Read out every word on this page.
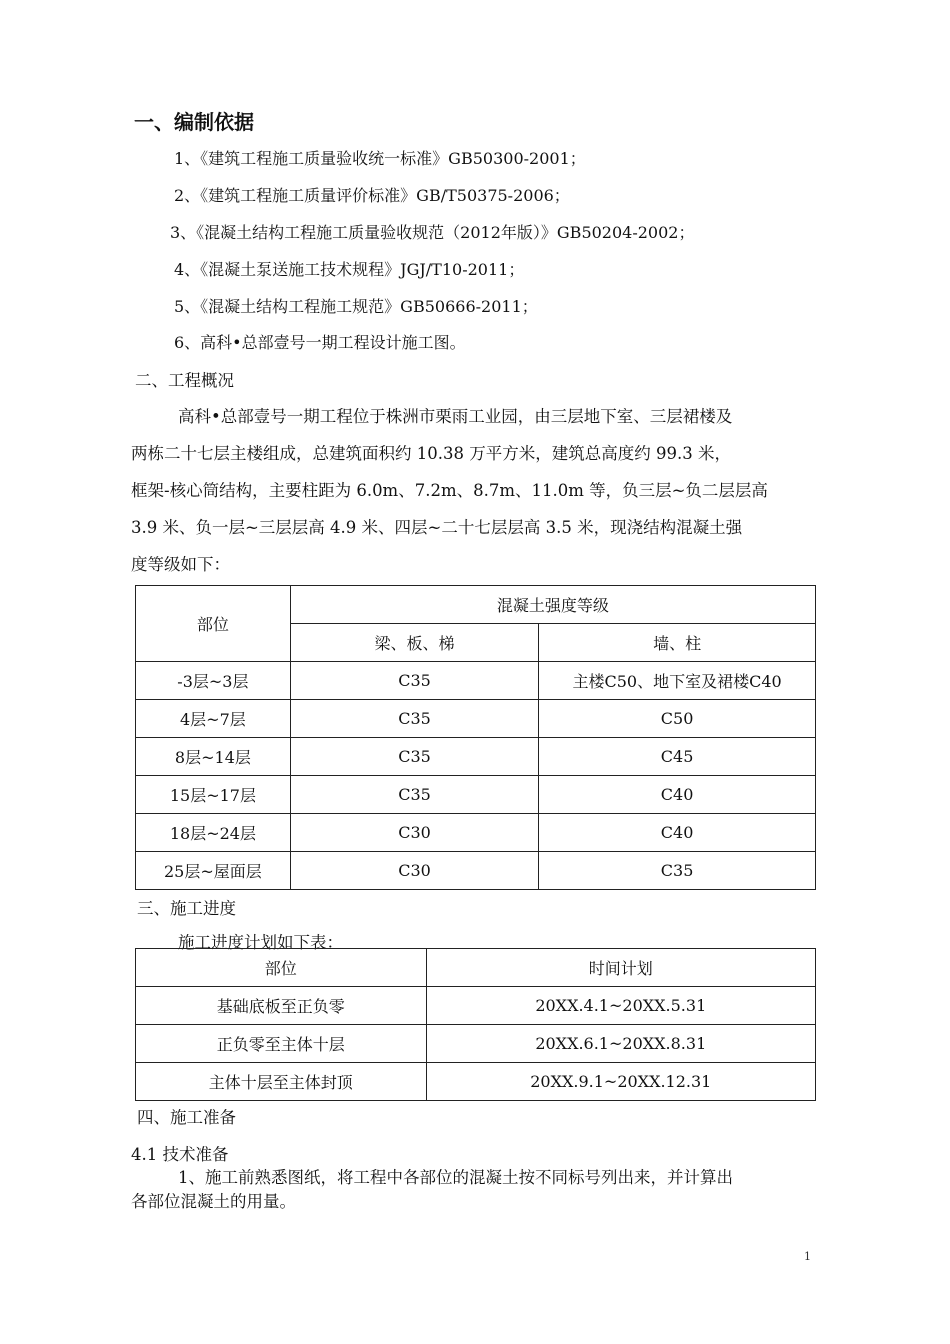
一、编制依据
1、《建筑工程施工质量验收统一标准》GB50300-2001；
2、《建筑工程施工质量评价标准》GB/T50375-2006；
3、《混凝土结构工程施工质量验收规范（2012年版）》GB50204-2002；
4、《混凝土泵送施工技术规程》JGJ/T10-2011；
5、《混凝土结构工程施工规范》GB50666-2011；
6、高科•总部壹号一期工程设计施工图。
二、工程概况
高科•总部壹号一期工程位于株洲市栗雨工业园，由三层地下室、三层裙楼及
两栋二十七层主楼组成，总建筑面积约 10.38 万平方米，建筑总高度约 99.3 米，
框架-核心筒结构，主要柱距为 6.0m、7.2m、8.7m、11.0m 等，负三层~负二层层高
3.9 米、负一层~三层层高 4.9 米、四层~二十七层层高 3.5 米，现浇结构混凝土强
度等级如下：
部位	混凝土强度等级	
	梁、板、梯	墙、柱
-3层~3层	C35	主楼C50、地下室及裙楼C40
4层~7层	C35	C50
8层~14层	C35	C45
15层~17层	C35	C40
18层~24层	C30	C40
25层~屋面层	C30	C35
三、施工进度
施工进度计划如下表：
部位	时间计划
基础底板至正负零	20XX.4.1~20XX.5.31
正负零至主体十层	20XX.6.1~20XX.8.31
主体十层至主体封顶	20XX.9.1~20XX.12.31
四、施工准备
4.1 技术准备
1、施工前熟悉图纸，将工程中各部位的混凝土按不同标号列出来，并计算出
各部位混凝土的用量。
1
